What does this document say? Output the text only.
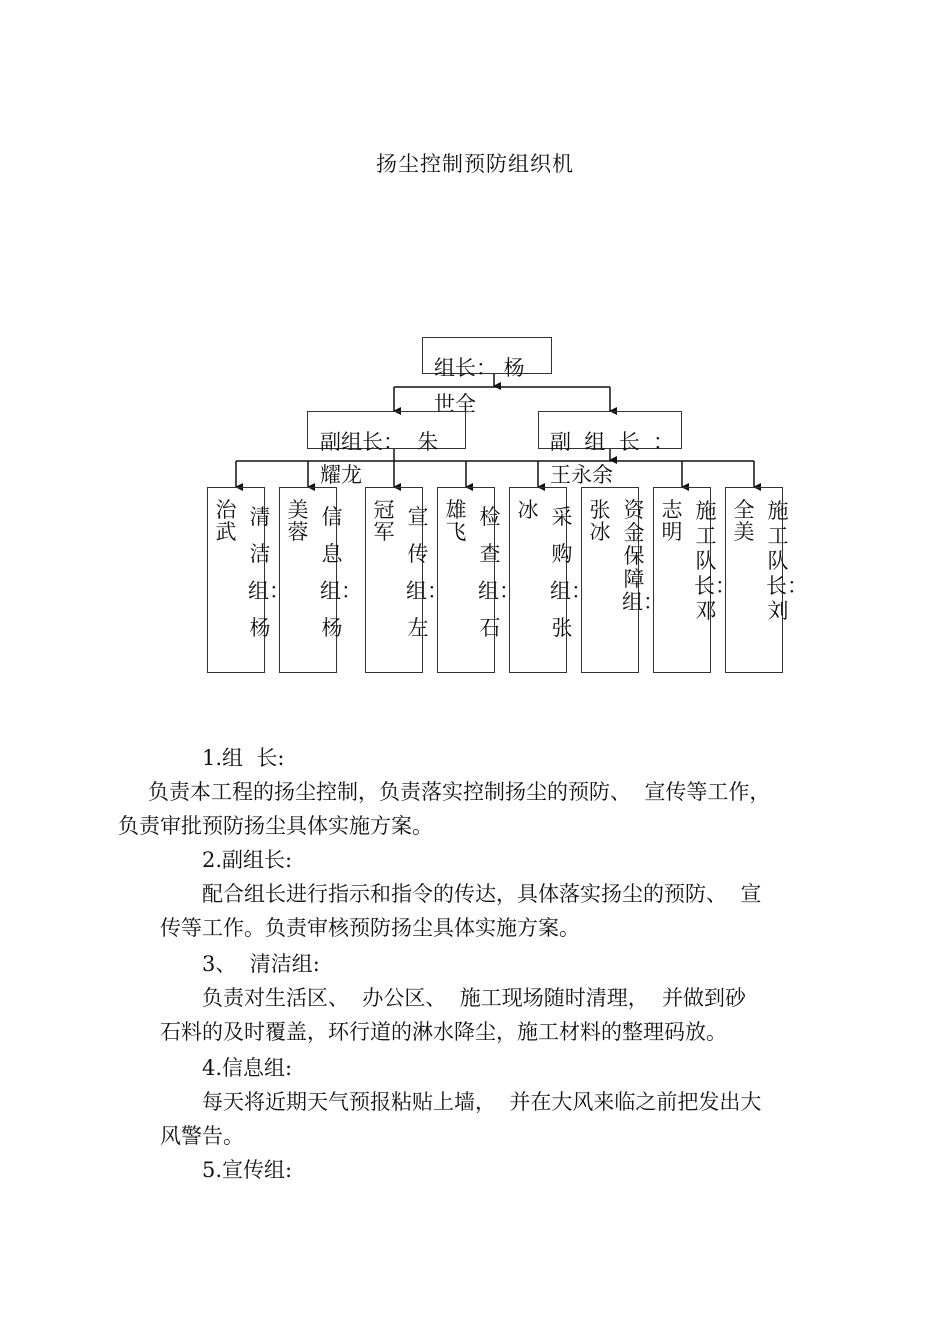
扬尘控制预防组织机
组长： 杨
世全
副组长：  朱
耀龙
副  组  长  ：
王永余
治武
清洁组：杨
美蓉
信息组：杨
冠军
宣传组：左
雄飞
检查组：石
冰 采购组：张
张冰
资金保障组：
志明
施工队长：邓
全美
施工队长：刘
1.组  长:
负责本工程的扬尘控制，负责落实控制扬尘的预防、  宣传等工作，
负责审批预防扬尘具体实施方案。
2.副组长:
配合组长进行指示和指令的传达，具体落实扬尘的预防、  宣
传等工作。负责审核预防扬尘具体实施方案。
3、  清洁组:
负责对生活区、  办公区、  施工现场随时清理，  并做到砂
石料的及时覆盖，环行道的淋水降尘，施工材料的整理码放。
4.信息组:
每天将近期天气预报粘贴上墙，  并在大风来临之前把发出大
风警告。
5.宣传组:
